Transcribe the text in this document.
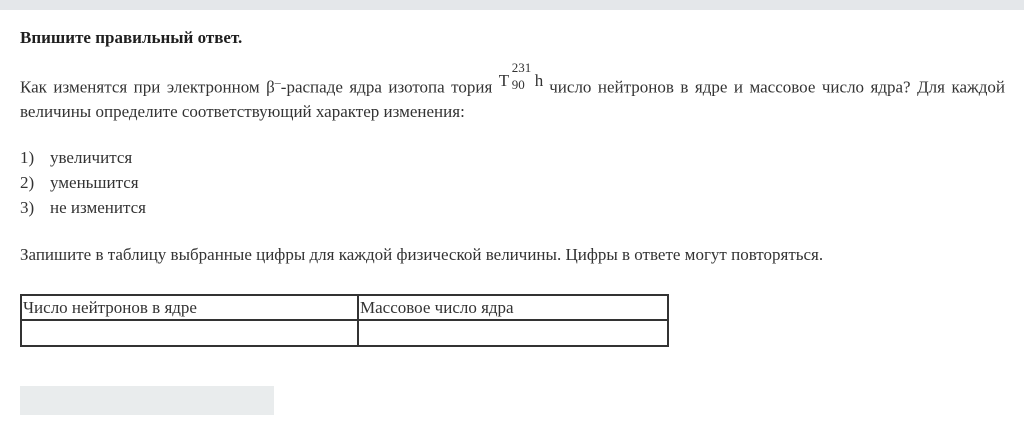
Впишите правильный ответ.
Как изменятся при электронном β–-распаде ядра изотопа тория T
231
90 h число нейтронов в ядре и массовое число ядра? Для каждой величины определите соответствующий характер изменения:
1) увеличится
2) уменьшится
3) не изменится
Запишите в таблицу выбранные цифры для каждой физической величины. Цифры в ответе могут повторяться.
Число нейтронов в ядре	Массовое число ядра
